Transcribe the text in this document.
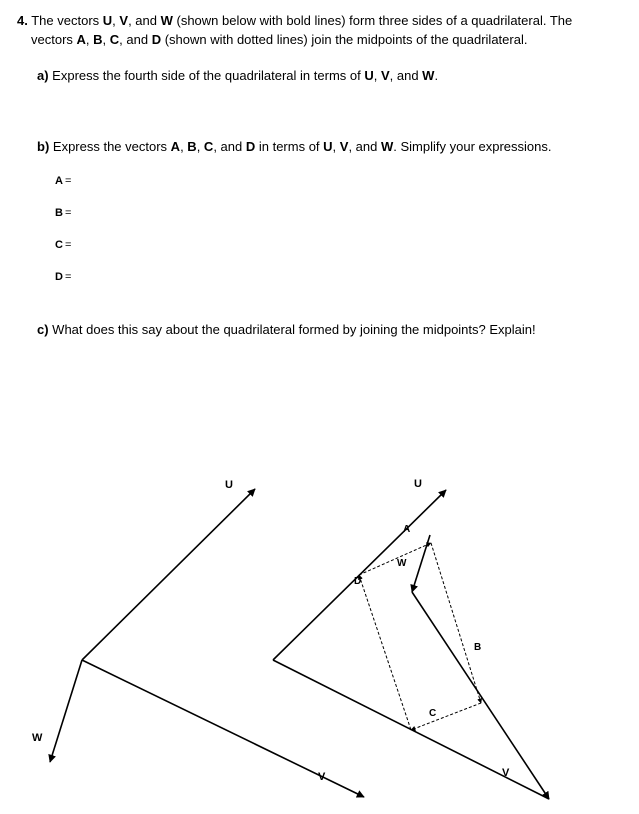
4. The vectors U, V, and W (shown below with bold lines) form three sides of a quadrilateral. The
vectors A, B, C, and D (shown with dotted lines) join the midpoints of the quadrilateral.
a) Express the fourth side of the quadrilateral in terms of U, V, and W.
b) Express the vectors A, B, C, and D in terms of U, V, and W. Simplify your expressions.
A =
B =
C =
D =
c) What does this say about the quadrilateral formed by joining the midpoints? Explain!
U
W
V
U
A
W
D
B
C
V
